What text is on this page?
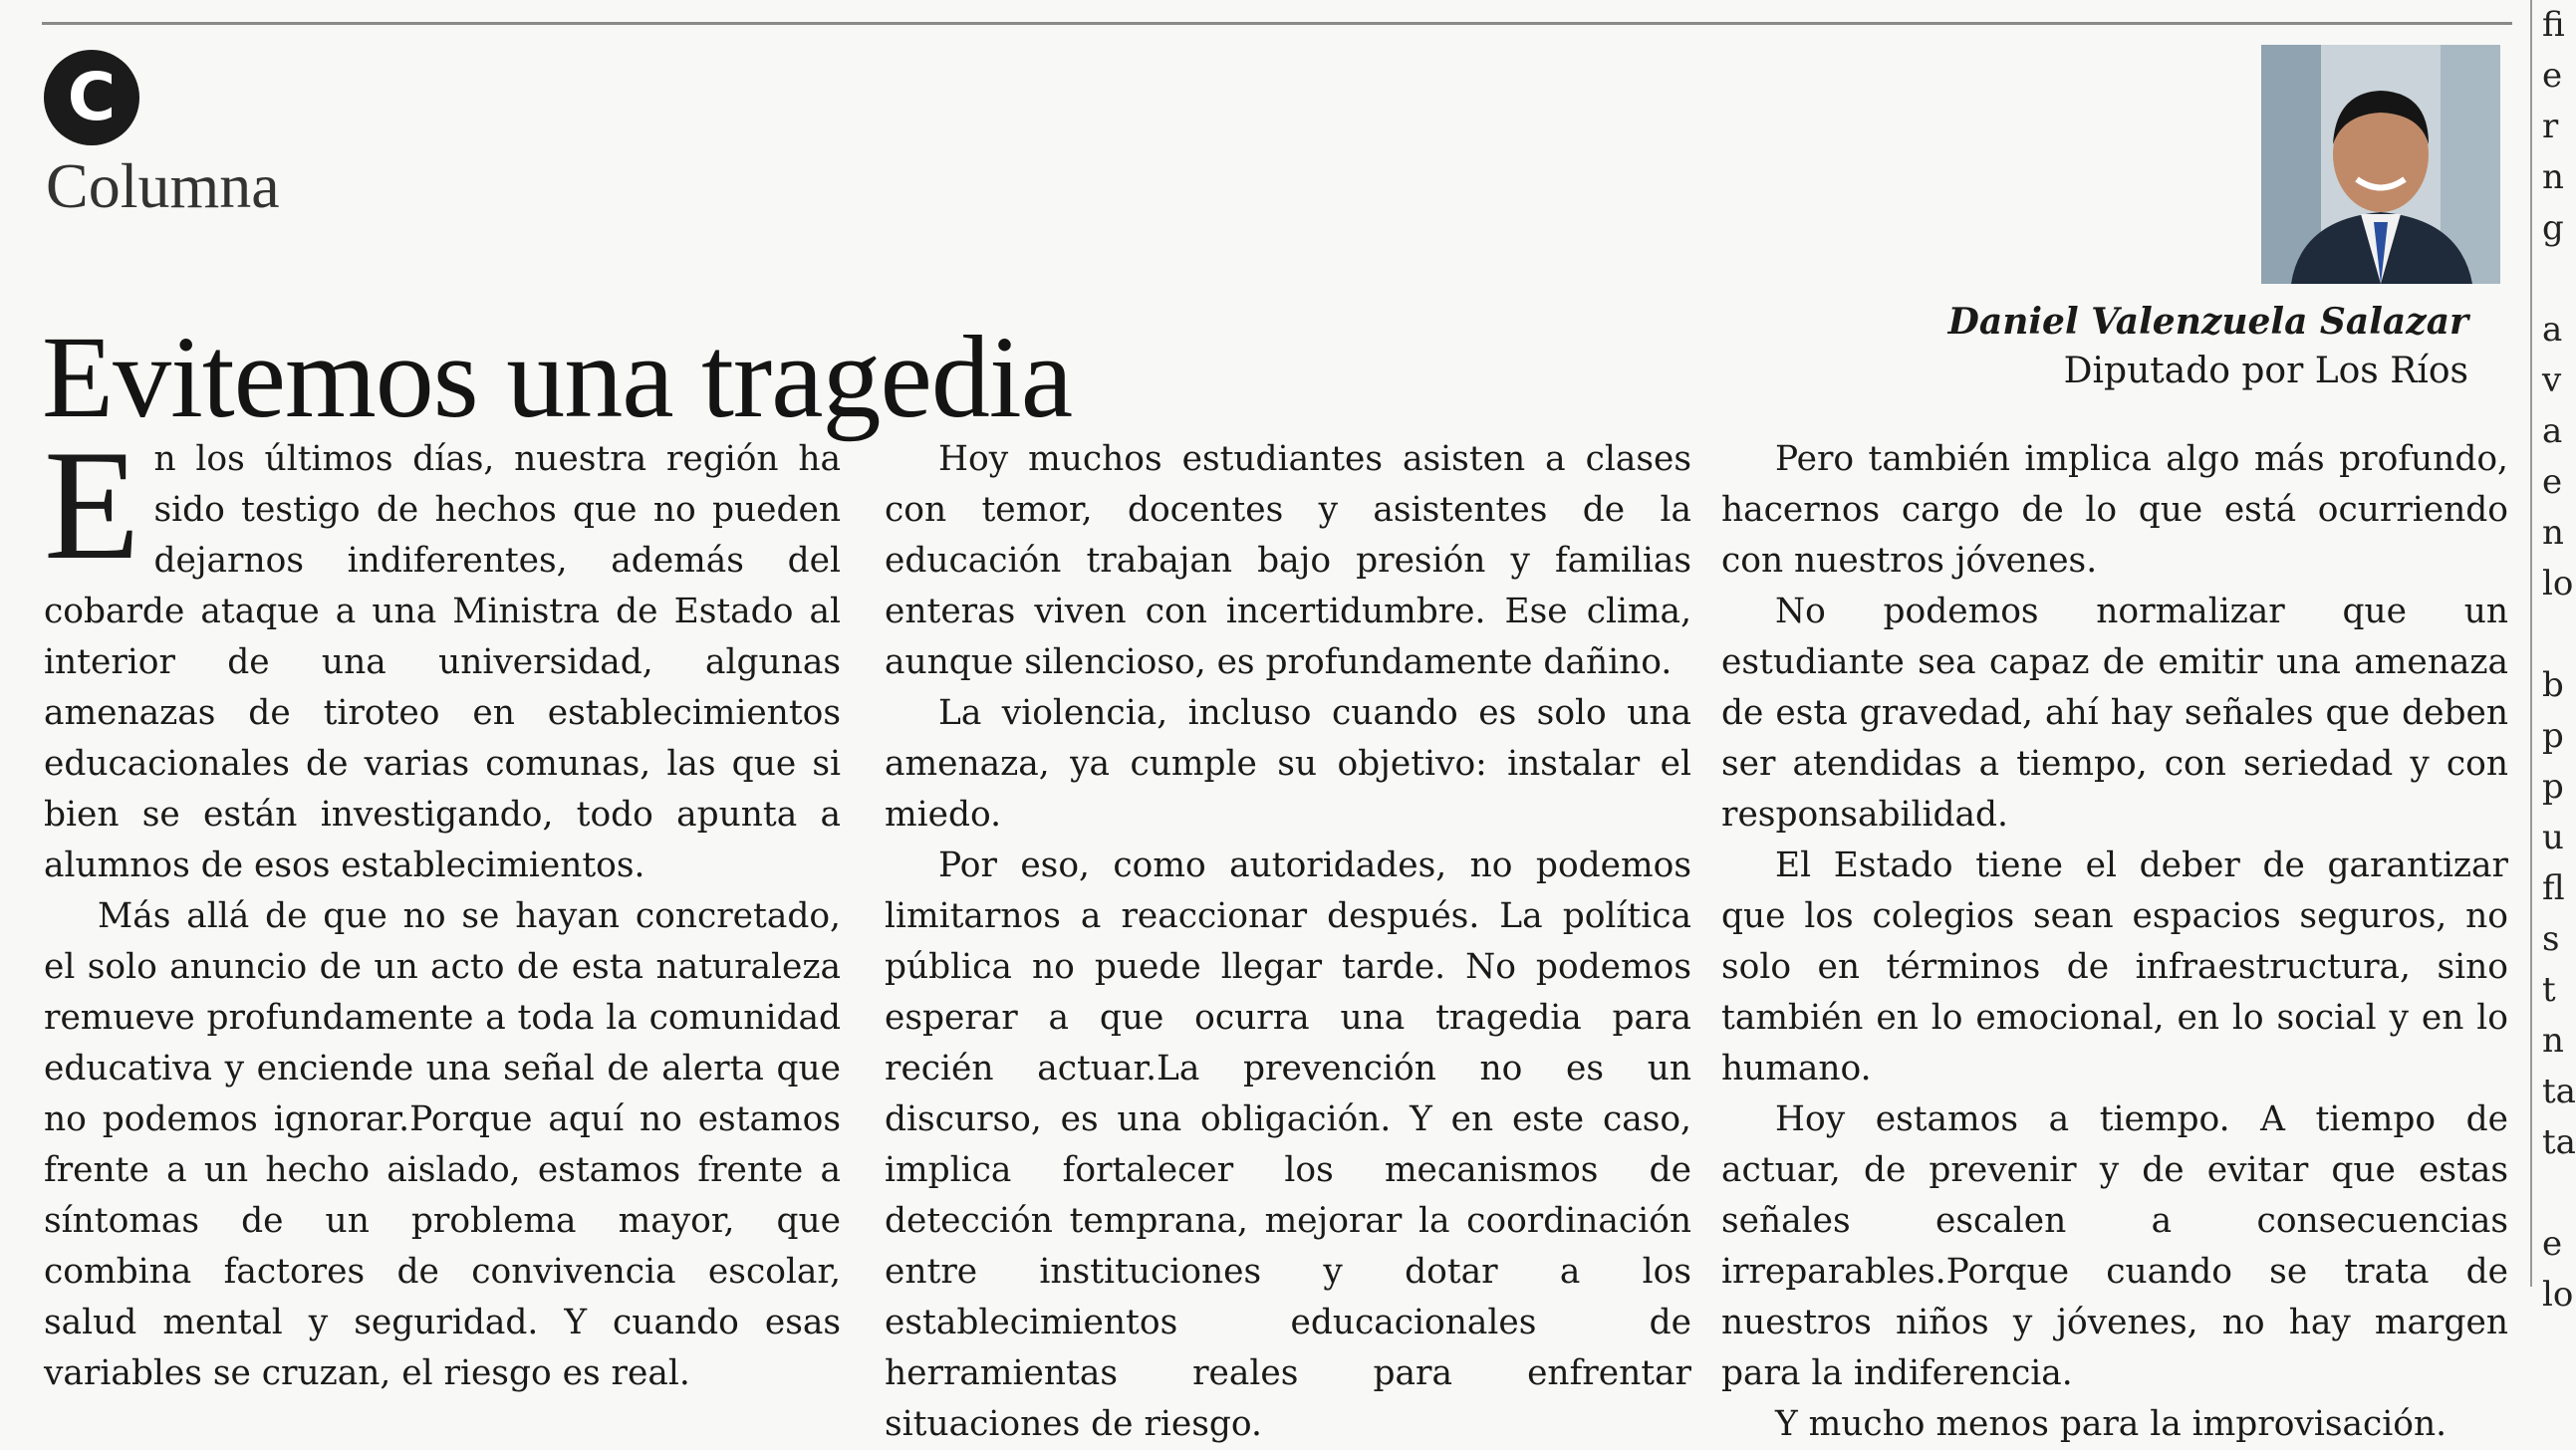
C
Columna
Evitemos una tragedia	Daniel Valenzuela Salazar
Diputado por Los Ríos

En los últimos días, nuestra región ha sido testigo de hechos que no pueden dejarnos indiferentes, además del cobarde ataque a una Ministra de Estado al interior de una universidad, algunas amenazas de tiroteo en establecimientos educacionales de varias comunas, las que si bien se están investigando, todo apunta a alumnos de esos establecimientos.

Más allá de que no se hayan concretado, el solo anuncio de un acto de esta naturaleza remueve profundamente a toda la comunidad educativa y enciende una señal de alerta que no podemos ignorar.Porque aquí no estamos frente a un hecho aislado, estamos frente a síntomas de un problema mayor, que combina factores de convivencia escolar, salud mental y seguridad. Y cuando esas variables se cruzan, el riesgo es real.

Hoy muchos estudiantes asisten a clases con temor, docentes y asistentes de la educación trabajan bajo presión y familias enteras viven con incertidumbre. Ese clima, aunque silencioso, es profundamente dañino.

La violencia, incluso cuando es solo una amenaza, ya cumple su objetivo: instalar el miedo.

Por eso, como autoridades, no podemos limitarnos a reaccionar después. La política pública no puede llegar tarde. No podemos esperar a que ocurra una tragedia para recién actuar.La prevención no es un discurso, es una obligación. Y en este caso, implica fortalecer los mecanismos de detección temprana, mejorar la coordinación entre instituciones y dotar a los establecimientos educacionales de herramientas reales para enfrentar situaciones de riesgo.

Pero también implica algo más profundo, hacernos cargo de lo que está ocurriendo con nuestros jóvenes.

No podemos normalizar que un estudiante sea capaz de emitir una amenaza de esta gravedad, ahí hay señales que deben ser atendidas a tiempo, con seriedad y con responsabilidad.

El Estado tiene el deber de garantizar que los colegios sean espacios seguros, no solo en términos de infraestructura, sino también en lo emocional, en lo social y en lo humano.

Hoy estamos a tiempo. A tiempo de actuar, de prevenir y de evitar que estas señales escalen a consecuencias irreparables.Porque cuando se trata de nuestros niños y jóvenes, no hay margen para la indiferencia.

Y mucho menos para la improvisación.

fi
e
r
n
g

a
v
a
e
n
lo

b
p
p
u
fl
s
t
n
ta
ta

e
lo
